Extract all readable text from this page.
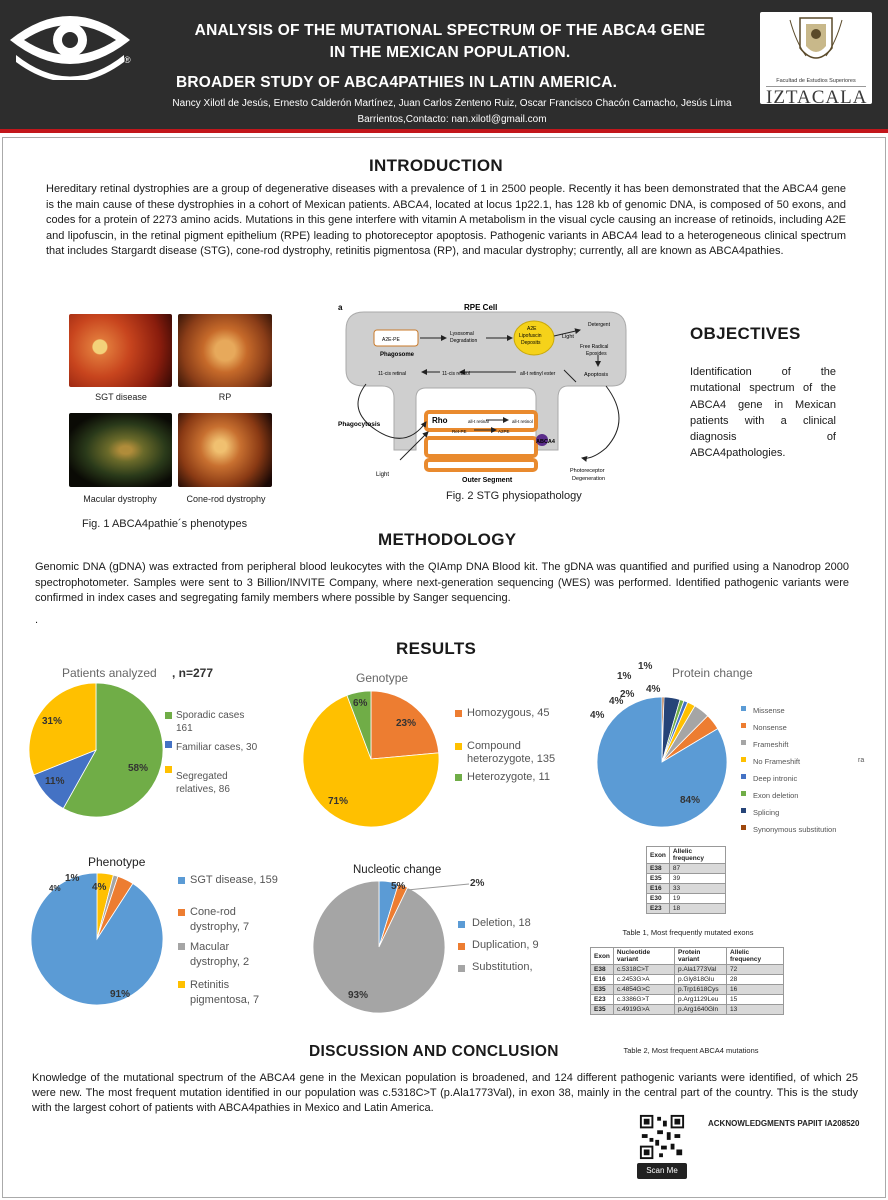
®
ANALYSIS OF THE MUTATIONAL SPECTRUM OF THE ABCA4 GENE
IN THE MEXICAN POPULATION.
BROADER STUDY OF ABCA4PATHIES IN LATIN AMERICA.
Nancy Xilotl de Jesús, Ernesto Calderón Martínez, Juan Carlos Zenteno Ruiz, Oscar Francisco Chacón Camacho, Jesús Lima
Barrientos,Contacto: nan.xilotl@gmail.com
Facultad de Estudios Superiores
IZTACALA
INTRODUCTION
Hereditary retinal dystrophies are a group of degenerative diseases with a prevalence of 1 in 2500 people. Recently it has been demonstrated that the ABCA4 gene is the main cause of these dystrophies in a cohort of Mexican patients. ABCA4, located at locus 1p22.1, has 128 kb of genomic DNA, is composed of 50 exons, and codes for a protein of 2273 amino acids. Mutations in this gene interfere with vitamin A metabolism in the visual cycle causing an increase of retinoids, including A2E and lipofuscin, in the retinal pigment epithelium (RPE) leading to photoreceptor apoptosis. Pathogenic variants in ABCA4 lead to a heterogeneous clinical spectrum that includes Stargardt disease (STG), cone-rod dystrophy, retinitis pigmentosa (RP), and macular dystrophy; currently, all are known as ABCA4pathies.
SGT disease	RP
Macular dystrophy	Cone-rod dystrophy
Fig. 1 ABCA4pathie´s phenotypes
a	RPE Cell
A2E-PE
Lysosomal
Degradation
Phagosome
A2E
Lipofuscin
Deposits
Detergent
Light
Free Radical
Epoxides
Apoptosis
11-cis retinal	11-cis retinol	all-t retinyl ester
Phagocytosis	Rho	all-t retinal	all-t retinol
Ret-PE	A2PE
ABCA4
Light
Outer Segment
Photoreceptor
Degeneration
Fig. 2 STG physiopathology
OBJECTIVES
Identification of the mutational spectrum of the ABCA4 gene in Mexican patients with a clinical diagnosis of ABCA4pathologies.
METHODOLOGY
Genomic DNA (gDNA) was extracted from peripheral blood leukocytes with the QIAmp DNA Blood kit. The gDNA was quantified and purified using a Nanodrop 2000 spectrophotometer. Samples were sent to 3 Billion/INVITE Company, where next-generation sequencing (WES) was performed. Identified pathogenic variants were confirmed in index cases and segregating family members where possible by Sanger sequencing.
.
RESULTS
Patients analyzed , n=277
58%
11%
31%
Sporadic cases
161
Familiar cases, 30
Segregated
relatives, 86
Genotype
23%
71%
6%
Homozygous, 45
Compound
heterozygote, 135
Heterozygote, 11
Protein change
84%
4%
4%
2%
1%
1%
4%
Missense
Nonsense
Frameshift
No Frameshift
Deep intronic
Exon deletion
Splicing
Synonymous substitution
ra
Phenotype
91%
4%
1%
4%
SGT disease, 159
Cone-rod
dystrophy, 7
Macular
dystrophy, 2
Retinitis
pigmentosa, 7
Nucleotic change
5%	2%
93%
Deletion, 18
Duplication, 9
Substitution,
Exon	Allelic frequency
E38	87
E35	39
E16	33
E30	19
E23	18
Table 1, Most frequently mutated exons
Exon	Nucleotide variant	Protein variant	Allelic frequency
E38	c.5318C>T	p.Ala1773Val	72
E16	c.2453G>A	p.Gly818Glu	28
E35	c.4854G>C	p.Trp1618Cys	16
E23	c.3386G>T	p.Arg1129Leu	15
E35	c.4919G>A	p.Arg1640Gln	13
Table 2, Most frequent ABCA4 mutations
DISCUSSION AND CONCLUSION
Knowledge of the mutational spectrum of the ABCA4 gene in the Mexican population is broadened, and 124 different pathogenic variants were identified, of which 25 were new. The most frequent mutation identified in our population was c.5318C>T (p.Ala1773Val), in exon 38, mainly in the central part of the country. This is the study with the largest cohort of patients with ABCA4pathies in Mexico and Latin America.
ACKNOWLEDGMENTS PAPIIT IA208520
Scan Me
